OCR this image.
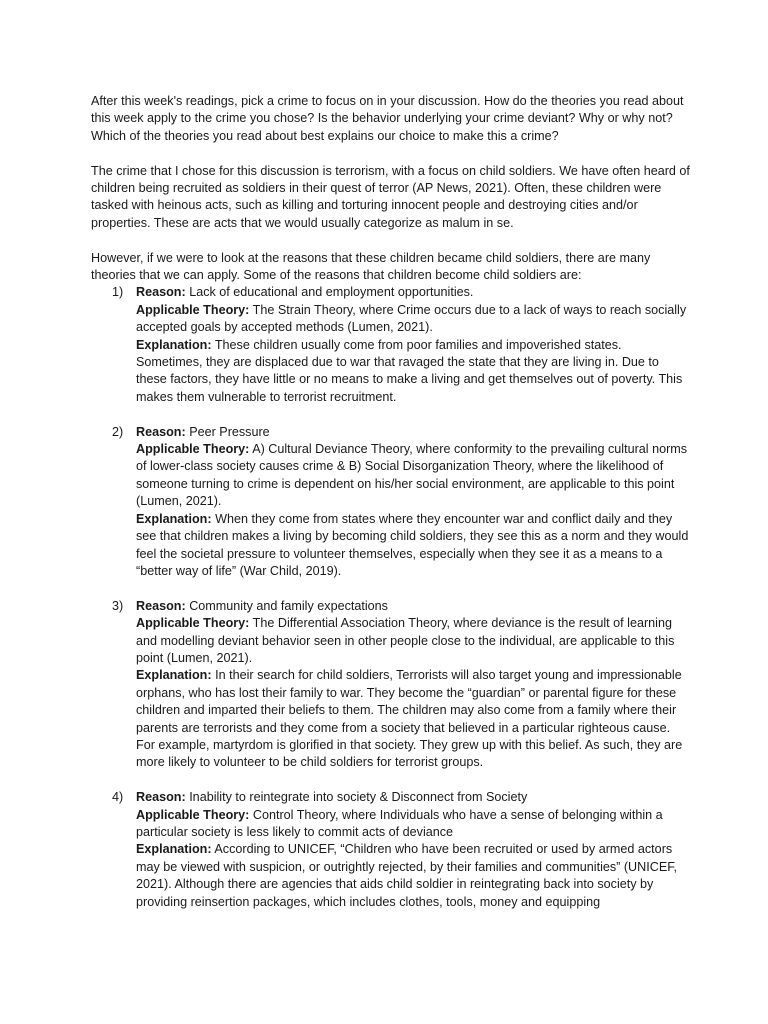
After this week's readings, pick a crime to focus on in your discussion. How do the theories you read about this week apply to the crime you chose? Is the behavior underlying your crime deviant? Why or why not? Which of the theories you read about best explains our choice to make this a crime?

The crime that I chose for this discussion is terrorism, with a focus on child soldiers. We have often heard of children being recruited as soldiers in their quest of terror (AP News, 2021). Often, these children were tasked with heinous acts, such as killing and torturing innocent people and destroying cities and/or properties. These are acts that we would usually categorize as malum in se.

However, if we were to look at the reasons that these children became child soldiers, there are many theories that we can apply. Some of the reasons that children become child soldiers are:

1) Reason: Lack of educational and employment opportunities.

Applicable Theory: The Strain Theory, where Crime occurs due to a lack of ways to reach socially accepted goals by accepted methods (Lumen, 2021).

Explanation: These children usually come from poor families and impoverished states. Sometimes, they are displaced due to war that ravaged the state that they are living in. Due to these factors, they have little or no means to make a living and get themselves out of poverty. This makes them vulnerable to terrorist recruitment.

2) Reason: Peer Pressure

Applicable Theory: A) Cultural Deviance Theory, where conformity to the prevailing cultural norms of lower-class society causes crime & B) Social Disorganization Theory, where the likelihood of someone turning to crime is dependent on his/her social environment, are applicable to this point (Lumen, 2021).

Explanation: When they come from states where they encounter war and conflict daily and they see that children makes a living by becoming child soldiers, they see this as a norm and they would feel the societal pressure to volunteer themselves, especially when they see it as a means to a “better way of life” (War Child, 2019).

3) Reason: Community and family expectations

Applicable Theory: The Differential Association Theory, where deviance is the result of learning and modelling deviant behavior seen in other people close to the individual, are applicable to this point (Lumen, 2021).

Explanation: In their search for child soldiers, Terrorists will also target young and impressionable orphans, who has lost their family to war. They become the “guardian” or parental figure for these children and imparted their beliefs to them. The children may also come from a family where their parents are terrorists and they come from a society that believed in a particular righteous cause. For example, martyrdom is glorified in that society. They grew up with this belief. As such, they are more likely to volunteer to be child soldiers for terrorist groups.

4) Reason: Inability to reintegrate into society & Disconnect from Society

Applicable Theory: Control Theory, where Individuals who have a sense of belonging within a particular society is less likely to commit acts of deviance

Explanation: According to UNICEF, “Children who have been recruited or used by armed actors may be viewed with suspicion, or outrightly rejected, by their families and communities” (UNICEF, 2021). Although there are agencies that aids child soldier in reintegrating back into society by providing reinsertion packages, which includes clothes, tools, money and equipping
